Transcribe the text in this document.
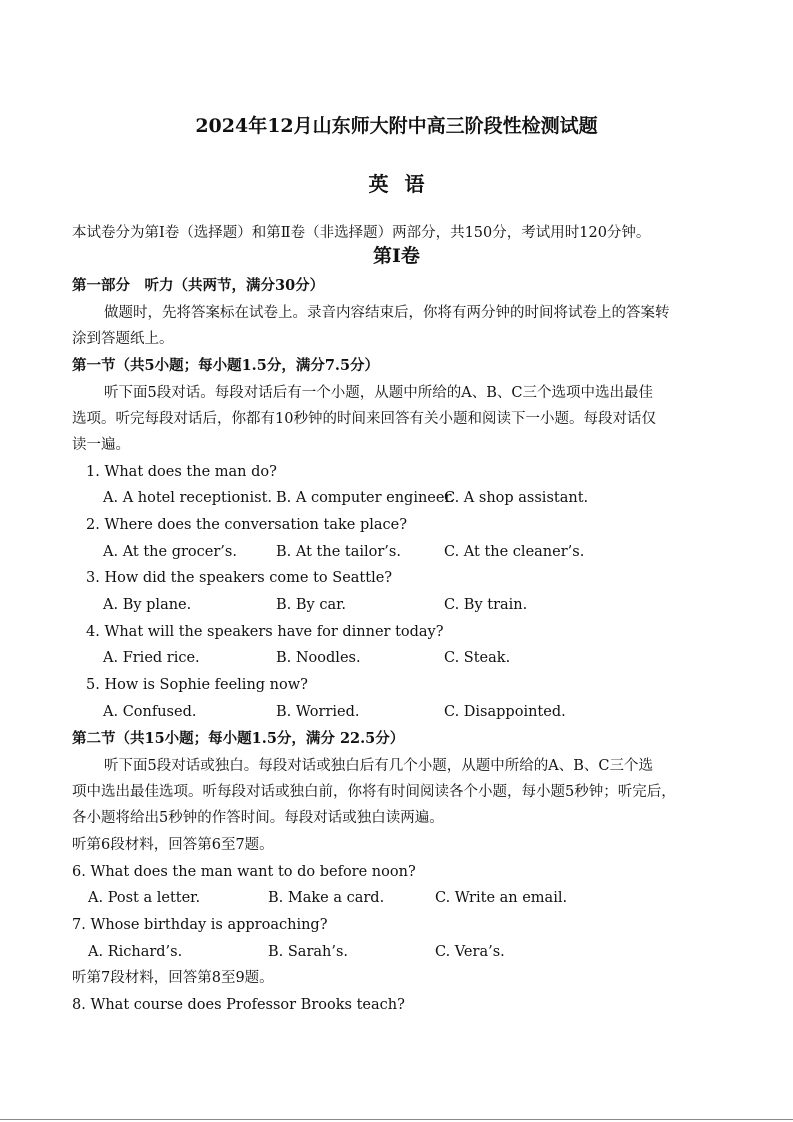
2024年12月山东师大附中高三阶段性检测试题
英语
本试卷分为第Ⅰ卷（选择题）和第Ⅱ卷（非选择题）两部分，共150分，考试用时120分钟。
第Ⅰ卷
第一部分　听力（共两节，满分30分）
做题时，先将答案标在试卷上。录音内容结束后，你将有两分钟的时间将试卷上的答案转
涂到答题纸上。
第一节（共5小题；每小题1.5分，满分7.5分）
听下面5段对话。每段对话后有一个小题，从题中所给的A、B、C三个选项中选出最佳
选项。听完每段对话后，你都有10秒钟的时间来回答有关小题和阅读下一小题。每段对话仅
读一遍。
1. What does the man do?
A. A hotel receptionist. B. A computer engineer.
C. A shop assistant.
2. Where does the conversation take place?
A. At the grocer’s.	B. At the tailor’s.	C. At the cleaner’s.
3. How did the speakers come to Seattle?
A. By plane.	B. By car.	C. By train.
4. What will the speakers have for dinner today?
A. Fried rice.	B. Noodles.	C. Steak.
5. How is Sophie feeling now?
A. Confused.	B. Worried.	C. Disappointed.
第二节（共15小题；每小题1.5分，满分 22.5分）
听下面5段对话或独白。每段对话或独白后有几个小题，从题中所给的A、B、C三个选
项中选出最佳选项。听每段对话或独白前，你将有时间阅读各个小题，每小题5秒钟；听完后，
各小题将给出5秒钟的作答时间。每段对话或独白读两遍。
听第6段材料，回答第6至7题。
6. What does the man want to do before noon?
A. Post a letter.	B. Make a card.	C. Write an email.
7. Whose birthday is approaching?
A. Richard’s.	B. Sarah’s.	C. Vera’s.
听第7段材料，回答第8至9题。
8. What course does Professor Brooks teach?
